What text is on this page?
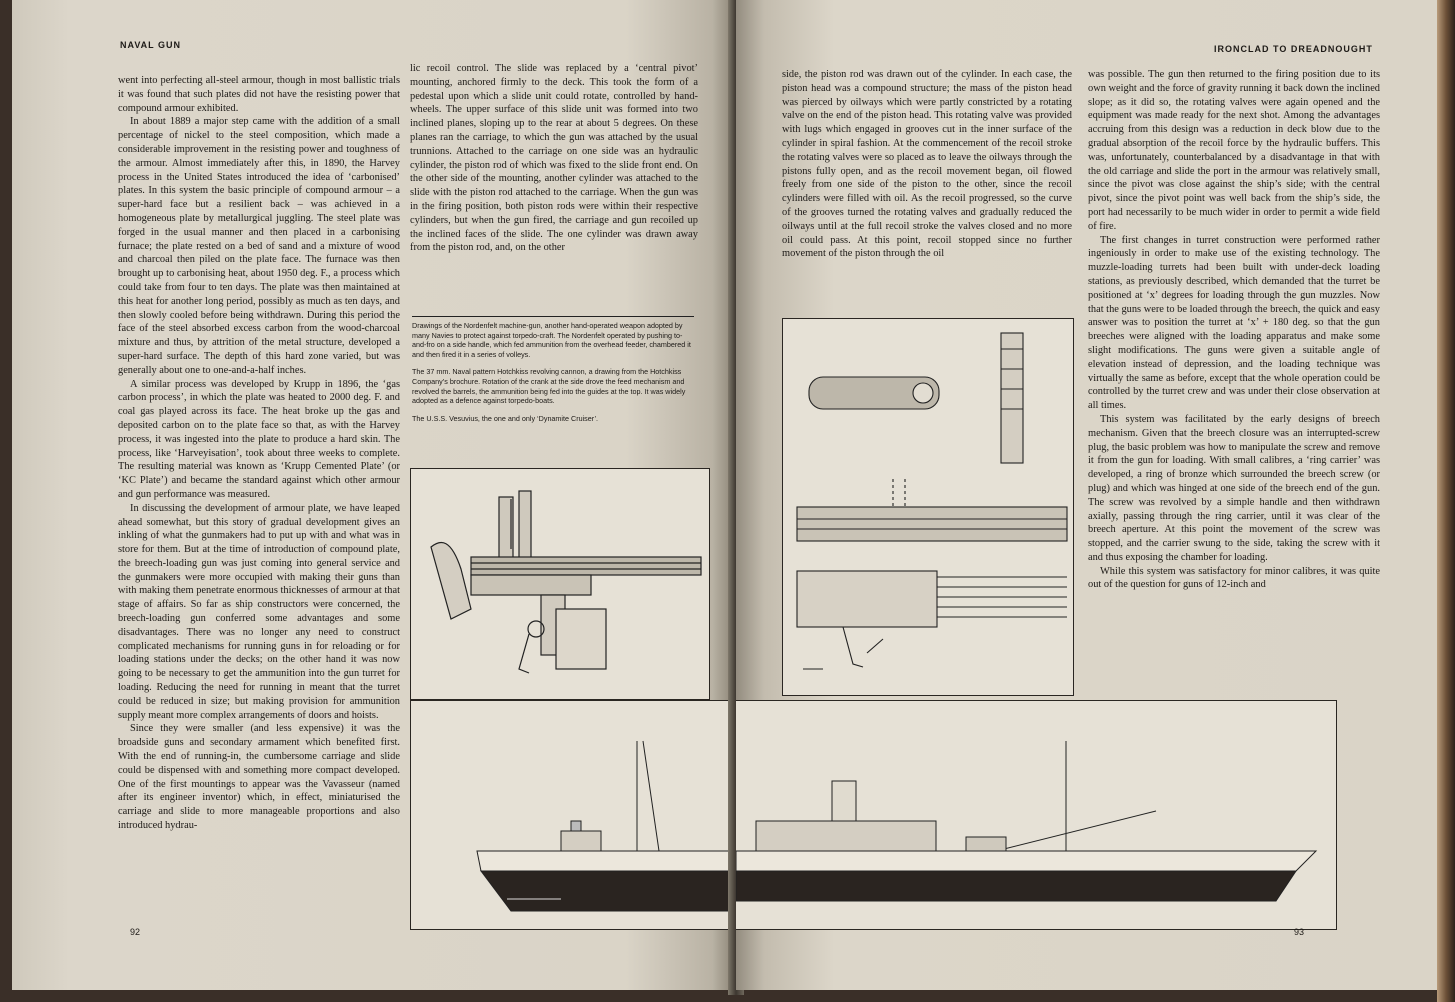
NAVAL GUN

went into perfecting all-steel armour, though in most ballistic trials it was found that such plates did not have the resisting power that compound armour exhibited.

In about 1889 a major step came with the addition of a small percentage of nickel to the steel composition, which made a considerable improvement in the resisting power and toughness of the armour. Almost immediately after this, in 1890, the Harvey process in the United States introduced the idea of ‘carbonised’ plates. In this system the basic principle of compound armour – a super-hard face but a resilient back – was achieved in a homogeneous plate by metallurgical juggling. The steel plate was forged in the usual manner and then placed in a carbonising furnace; the plate rested on a bed of sand and a mixture of wood and charcoal then piled on the plate face. The furnace was then brought up to carbonising heat, about 1950 deg. F., a process which could take from four to ten days. The plate was then maintained at this heat for another long period, possibly as much as ten days, and then slowly cooled before being withdrawn. During this period the face of the steel absorbed excess carbon from the wood-charcoal mixture and thus, by attrition of the metal structure, developed a super-hard surface. The depth of this hard zone varied, but was generally about one to one-and-a-half inches.

A similar process was developed by Krupp in 1896, the ‘gas carbon process’, in which the plate was heated to 2000 deg. F. and coal gas played across its face. The heat broke up the gas and deposited carbon on to the plate face so that, as with the Harvey process, it was ingested into the plate to produce a hard skin. The process, like ‘Harveyisation’, took about three weeks to complete. The resulting material was known as ‘Krupp Cemented Plate’ (or ‘KC Plate’) and became the standard against which other armour and gun performance was measured.

In discussing the development of armour plate, we have leaped ahead somewhat, but this story of gradual development gives an inkling of what the gunmakers had to put up with and what was in store for them. But at the time of introduction of compound plate, the breech-loading gun was just coming into general service and the gunmakers were more occupied with making their guns than with making them penetrate enormous thicknesses of armour at that stage of affairs. So far as ship constructors were concerned, the breech-loading gun conferred some advantages and some disadvantages. There was no longer any need to construct complicated mechanisms for running guns in for reloading or for loading stations under the decks; on the other hand it was now going to be necessary to get the ammunition into the gun turret for loading. Reducing the need for running in meant that the turret could be reduced in size; but making provision for ammunition supply meant more complex arrangements of doors and hoists.

Since they were smaller (and less expensive) it was the broadside guns and secondary armament which benefited first. With the end of running-in, the cumbersome carriage and slide could be dispensed with and something more compact developed. One of the first mountings to appear was the Vavasseur (named after its engineer inventor) which, in effect, miniaturised the carriage and slide to more manageable proportions and also introduced hydrau-

lic recoil control. The slide was replaced by a ‘central pivot’ mounting, anchored firmly to the deck. This took the form of a pedestal upon which a slide unit could rotate, controlled by hand-wheels. The upper surface of this slide unit was formed into two inclined planes, sloping up to the rear at about 5 degrees. On these planes ran the carriage, to which the gun was attached by the usual trunnions. Attached to the carriage on one side was an hydraulic cylinder, the piston rod of which was fixed to the slide front end. On the other side of the mounting, another cylinder was attached to the slide with the piston rod attached to the carriage. When the gun was in the firing position, both piston rods were within their respective cylinders, but when the gun fired, the carriage and gun recoiled up the inclined faces of the slide. The one cylinder was drawn away from the piston rod, and, on the other

Drawings of the Nordenfelt machine-gun, another hand-operated weapon adopted by many Navies to protect against torpedo-craft. The Nordenfelt operated by pushing to-and-fro on a side handle, which fed ammunition from the overhead feeder, chambered it and then fired it in a series of volleys.

The 37 mm. Naval pattern Hotchkiss revolving cannon, a drawing from the Hotchkiss Company’s brochure. Rotation of the crank at the side drove the feed mechanism and revolved the barrels, the ammunition being fed into the guides at the top. It was widely adopted as a defence against torpedo-boats.

The U.S.S. Vesuvius, the one and only ‘Dynamite Cruiser’.

92
IRONCLAD TO DREADNOUGHT

side, the piston rod was drawn out of the cylinder. In each case, the piston head was a compound structure; the mass of the piston head was pierced by oilways which were partly constricted by a rotating valve on the end of the piston head. This rotating valve was provided with lugs which engaged in grooves cut in the inner surface of the cylinder in spiral fashion. At the commencement of the recoil stroke the rotating valves were so placed as to leave the oilways through the pistons fully open, and as the recoil movement began, oil flowed freely from one side of the piston to the other, since the recoil cylinders were filled with oil. As the recoil progressed, so the curve of the grooves turned the rotating valves and gradually reduced the oilways until at the full recoil stroke the valves closed and no more oil could pass. At this point, recoil stopped since no further movement of the piston through the oil

was possible. The gun then returned to the firing position due to its own weight and the force of gravity running it back down the inclined slope; as it did so, the rotating valves were again opened and the equipment was made ready for the next shot. Among the advantages accruing from this design was a reduction in deck blow due to the gradual absorption of the recoil force by the hydraulic buffers. This was, unfortunately, counterbalanced by a disadvantage in that with the old carriage and slide the port in the armour was relatively small, since the pivot was close against the ship’s side; with the central pivot, since the pivot point was well back from the ship’s side, the port had necessarily to be much wider in order to permit a wide field of fire.

The first changes in turret construction were performed rather ingeniously in order to make use of the existing technology. The muzzle-loading turrets had been built with under-deck loading stations, as previously described, which demanded that the turret be positioned at ‘x’ degrees for loading through the gun muzzles. Now that the guns were to be loaded through the breech, the quick and easy answer was to position the turret at ‘x’ + 180 deg. so that the gun breeches were aligned with the loading apparatus and make some slight modifications. The guns were given a suitable angle of elevation instead of depression, and the loading technique was virtually the same as before, except that the whole operation could be controlled by the turret crew and was under their close observation at all times.

This system was facilitated by the early designs of breech mechanism. Given that the breech closure was an interrupted-screw plug, the basic problem was how to manipulate the screw and remove it from the gun for loading. With small calibres, a ‘ring carrier’ was developed, a ring of bronze which surrounded the breech screw (or plug) and which was hinged at one side of the breech end of the gun. The screw was revolved by a simple handle and then withdrawn axially, passing through the ring carrier, until it was clear of the breech aperture. At this point the movement of the screw was stopped, and the carrier swung to the side, taking the screw with it and thus exposing the chamber for loading.

While this system was satisfactory for minor calibres, it was quite out of the question for guns of 12-inch and

93
